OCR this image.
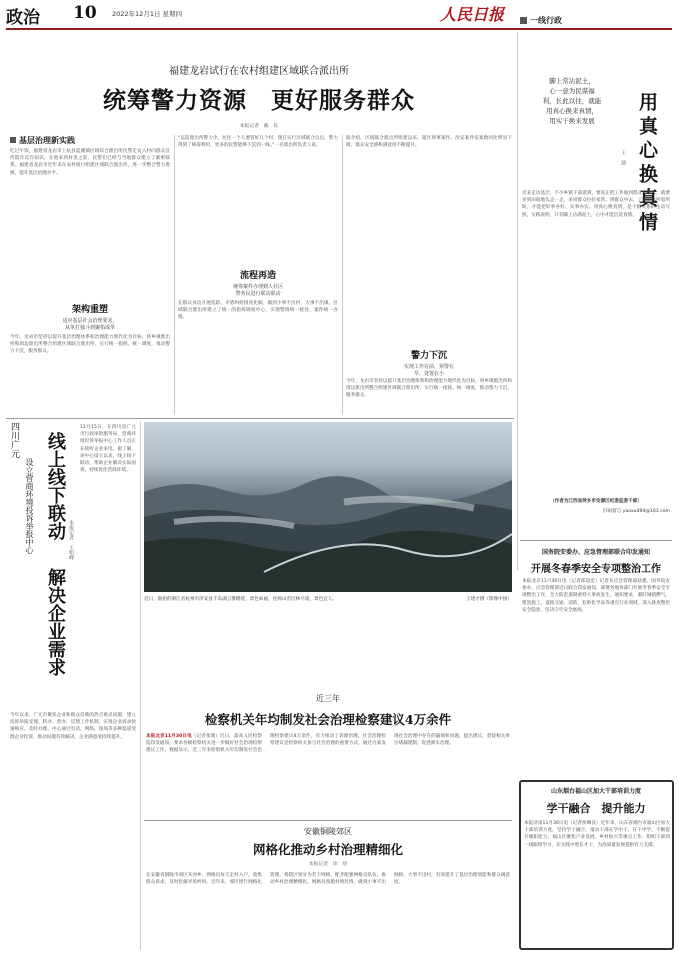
政治 10 2022年12月1日 星期四	人民日报	一线行政
福建龙岩试行在农村组建区域联合派出所
统筹警力资源　更好服务群众
本报记者　戴　钰
基层治理新实践
吃过午饭，福建省龙岩市上杭县蓝溪镇区域综合派出所民警走访入村向群众宣传防诈反诈知识，在他来到村里之前，民警们已经与当地群众建立了紧密联系。福建省龙岩市近年来在农村推行组建区域联合派出所，进一步整合警力资源，提升基层治理水平。
架构重塑
适应基层社会治理要求，
从单打独斗到聚指成拳
今年，龙岩市坚持以提升基层治理体系和治理能力现代化为目标，将乡镇派出所和周边派出所整合组建区域联合派出所，实行统一指挥、统一调度，推动警力下沉，服务群众。
“以前派出所警力少，往往一个人要管好几个村，现在实行区域联合以后，警力得到了统筹利用，更多的民警能够下沉到一线。”一名派出所负责人说。
流程再造
统筹案件办理到人社区
警务民进行联动联动
在群众身边开展巡防、矛盾纠纷排查化解，做到小事不出村、大事不出镇。区域联合派出所建立了统一的指挥调度中心，实现警情统一接处、案件统一办理。
据介绍，区域联合派出所组建以来，辖区刑事案件、治安案件发案数同比明显下降，群众安全感和满意度不断提升。
警力下沉
实现工作在前，预警在
早，处置在小
今年，龙岩市坚持以提升基层治理体系和治理能力现代化为目标，将乡镇派出所和周边派出所整合组建区域联合派出所，实行统一指挥、统一调度，推动警力下沉，服务群众。
脚上常沾泥土，
心一意为民谋福
利，长此以往，就能
用真心换来真情，
用实干换来发展	用真心换真情
王　迪
近来走访基层，不少乡镇干部谈到，要真正把工作做到群众心坎上，就要多到田间地头走一走，多同群众拉拉家常。到群众中去，了解群众所思所盼，才能把好事办好、实事办实。用真心换真情，是干群关系的生动写照。实践表明，只有脚上沾满泥土，心中才能沉淀真情。
（作者为江西省萍乡市安源区纪委监委干部）
扫码留言 yaoxu494@163.com
四川广元
设立营商环境投诉举报中心 线上线下联动
解决企业需求
本报记者　王明峰
11月15日，在四川省广元市行政审批服务局，营商环境投诉举报中心工作人员正在接听企业来电。据了解，该中心设立以来，线上线下联动，帮助企业解决实际困难，持续优化营商环境。
今年以来，广元市聚焦企业和群众反映的热点难点问题，建立投诉举报受理、转办、督办、反馈工作机制，实现企业诉求快速响应、及时办理。中心通过电话、网络、现场等多种渠道受理企业投诉，推动问题有效解决，企业满意度持续提升。
近日，航拍的浙江省杭州市淳安县千岛湖云雾缭绕，景色如画，连绵山峦层林尽染，景色宜人。	王建才摄（影像中国）
近三年
检察机关年均制发社会治理检察建议4万余件
本报北京11月30日电（记者张璁）近日，最高人民检察院印发通知，要求各级检察机关进一步做好社会治理检察建议工作。数据显示，近三年来检察机关年均制发社会治理检察建议4万余件，有力推动了诉源治理。社会治理检察建议是检察机关参与社会治理的重要方式，通过办案发现社会治理中存在的漏洞和问题，提出建议，督促相关单位堵漏建制，促进源头治理。
安徽铜陵郊区
网格化推动乡村治理精细化
本报记者　徐　靖
在安徽省铜陵市郊区灰河乡，网格员每天走村入户，收集群众诉求，及时化解矛盾纠纷。近年来，郊区推行网格化管理，将辖区划分为若干网格，配齐配强网格员队伍，推动乡村治理精细化。网格员熟悉村情民情，做到小事不出网格、大事不出村，有效提升了基层治理效能和群众满意度。
国务院安委办、应急管理部联合印发通知
开展冬春季安全专项整治工作
本报北京11月30日电（记者邱超奕）记者从应急管理部获悉，国务院安委办、应急管理部近日联合印发通知，部署各地各部门开展冬春季安全专项整治工作，全力防范遏制重特大事故发生。通知要求，紧盯城镇燃气、建筑施工、道路交通、消防、危险化学品等重点行业领域，深入排查整治安全隐患，坚决守牢安全底线。
山东烟台福山区加大干部培训力度
学干融合　提升能力
本报济南11月30日电（记者侯琳良）近年来，山东省烟台市福山区加大干部培训力度，坚持学干融合，推动干部在学中干、在干中学，不断提升履职能力。福山区聚焦产业发展、乡村振兴等重点工作，组织干部到一线跟班学习，在实践中增长才干，为高质量发展提供有力支撑。
